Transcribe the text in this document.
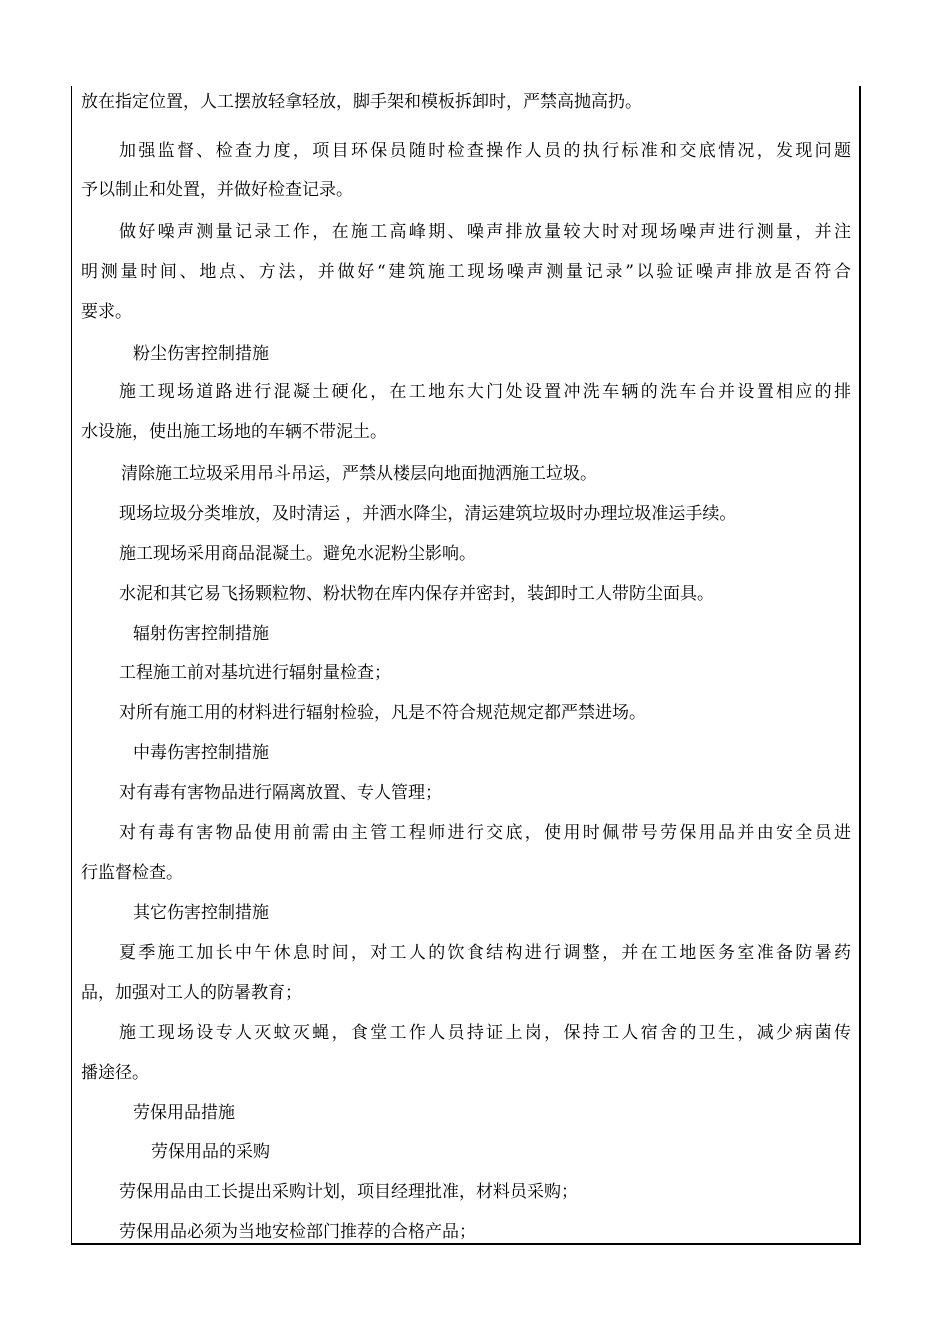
放在指定位置，人工摆放轻拿轻放，脚手架和模板拆卸时，严禁高抛高扔。
加强监督、检查力度，项目环保员随时检查操作人员的执行标准和交底情况，发现问题
予以制止和处置，并做好检查记录。
做好噪声测量记录工作，在施工高峰期、噪声排放量较大时对现场噪声进行测量，并注
明测量时间、地点、方法，并做好“建筑施工现场噪声测量记录”以验证噪声排放是否符合
要求。
粉尘伤害控制措施
施工现场道路进行混凝土硬化，在工地东大门处设置冲洗车辆的洗车台并设置相应的排
水设施，使出施工场地的车辆不带泥土。
清除施工垃圾采用吊斗吊运，严禁从楼层向地面抛洒施工垃圾。
现场垃圾分类堆放，及时清运 ，并洒水降尘，清运建筑垃圾时办理垃圾准运手续。
施工现场采用商品混凝土。避免水泥粉尘影响。
水泥和其它易飞扬颗粒物、粉状物在库内保存并密封，装卸时工人带防尘面具。
辐射伤害控制措施
工程施工前对基坑进行辐射量检查；
对所有施工用的材料进行辐射检验，凡是不符合规范规定都严禁进场。
中毒伤害控制措施
对有毒有害物品进行隔离放置、专人管理；
对有毒有害物品使用前需由主管工程师进行交底，使用时佩带号劳保用品并由安全员进
行监督检查。
其它伤害控制措施
夏季施工加长中午休息时间，对工人的饮食结构进行调整，并在工地医务室准备防暑药
品，加强对工人的防暑教育；
施工现场设专人灭蚊灭蝇，食堂工作人员持证上岗，保持工人宿舍的卫生，减少病菌传
播途径。
劳保用品措施
劳保用品的采购
劳保用品由工长提出采购计划，项目经理批准，材料员采购；
劳保用品必须为当地安检部门推荐的合格产品；
